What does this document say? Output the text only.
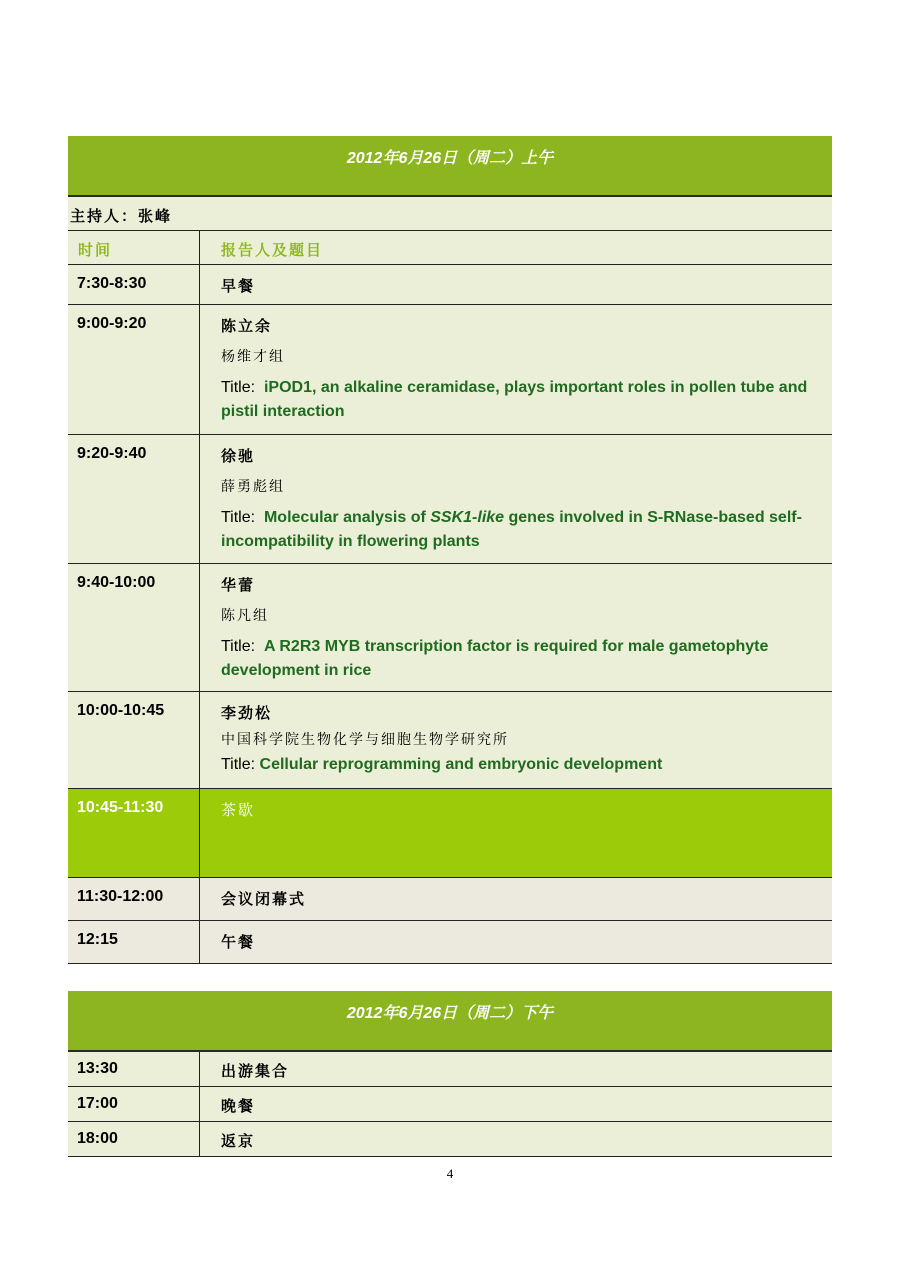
2012年6月26日（周二）上午
主持人：张峰
时间	报告人及题目
7:30-8:30	早餐
9:00-9:20	陈立余
杨维才组
Title: iPOD1, an alkaline ceramidase, plays important roles in pollen tube and pistil interaction
9:20-9:40	徐驰
薛勇彪组
Title: Molecular analysis of SSK1-like genes involved in S-RNase-based self-incompatibility in flowering plants
9:40-10:00	华蕾
陈凡组
Title: A R2R3 MYB transcription factor is required for male gametophyte development in rice
10:00-10:45	李劲松
中国科学院生物化学与细胞生物学研究所
Title: Cellular reprogramming and embryonic development
10:45-11:30	茶歇
11:30-12:00	会议闭幕式
12:15	午餐
2012年6月26日（周二）下午
13:30	出游集合
17:00	晚餐
18:00	返京
4
